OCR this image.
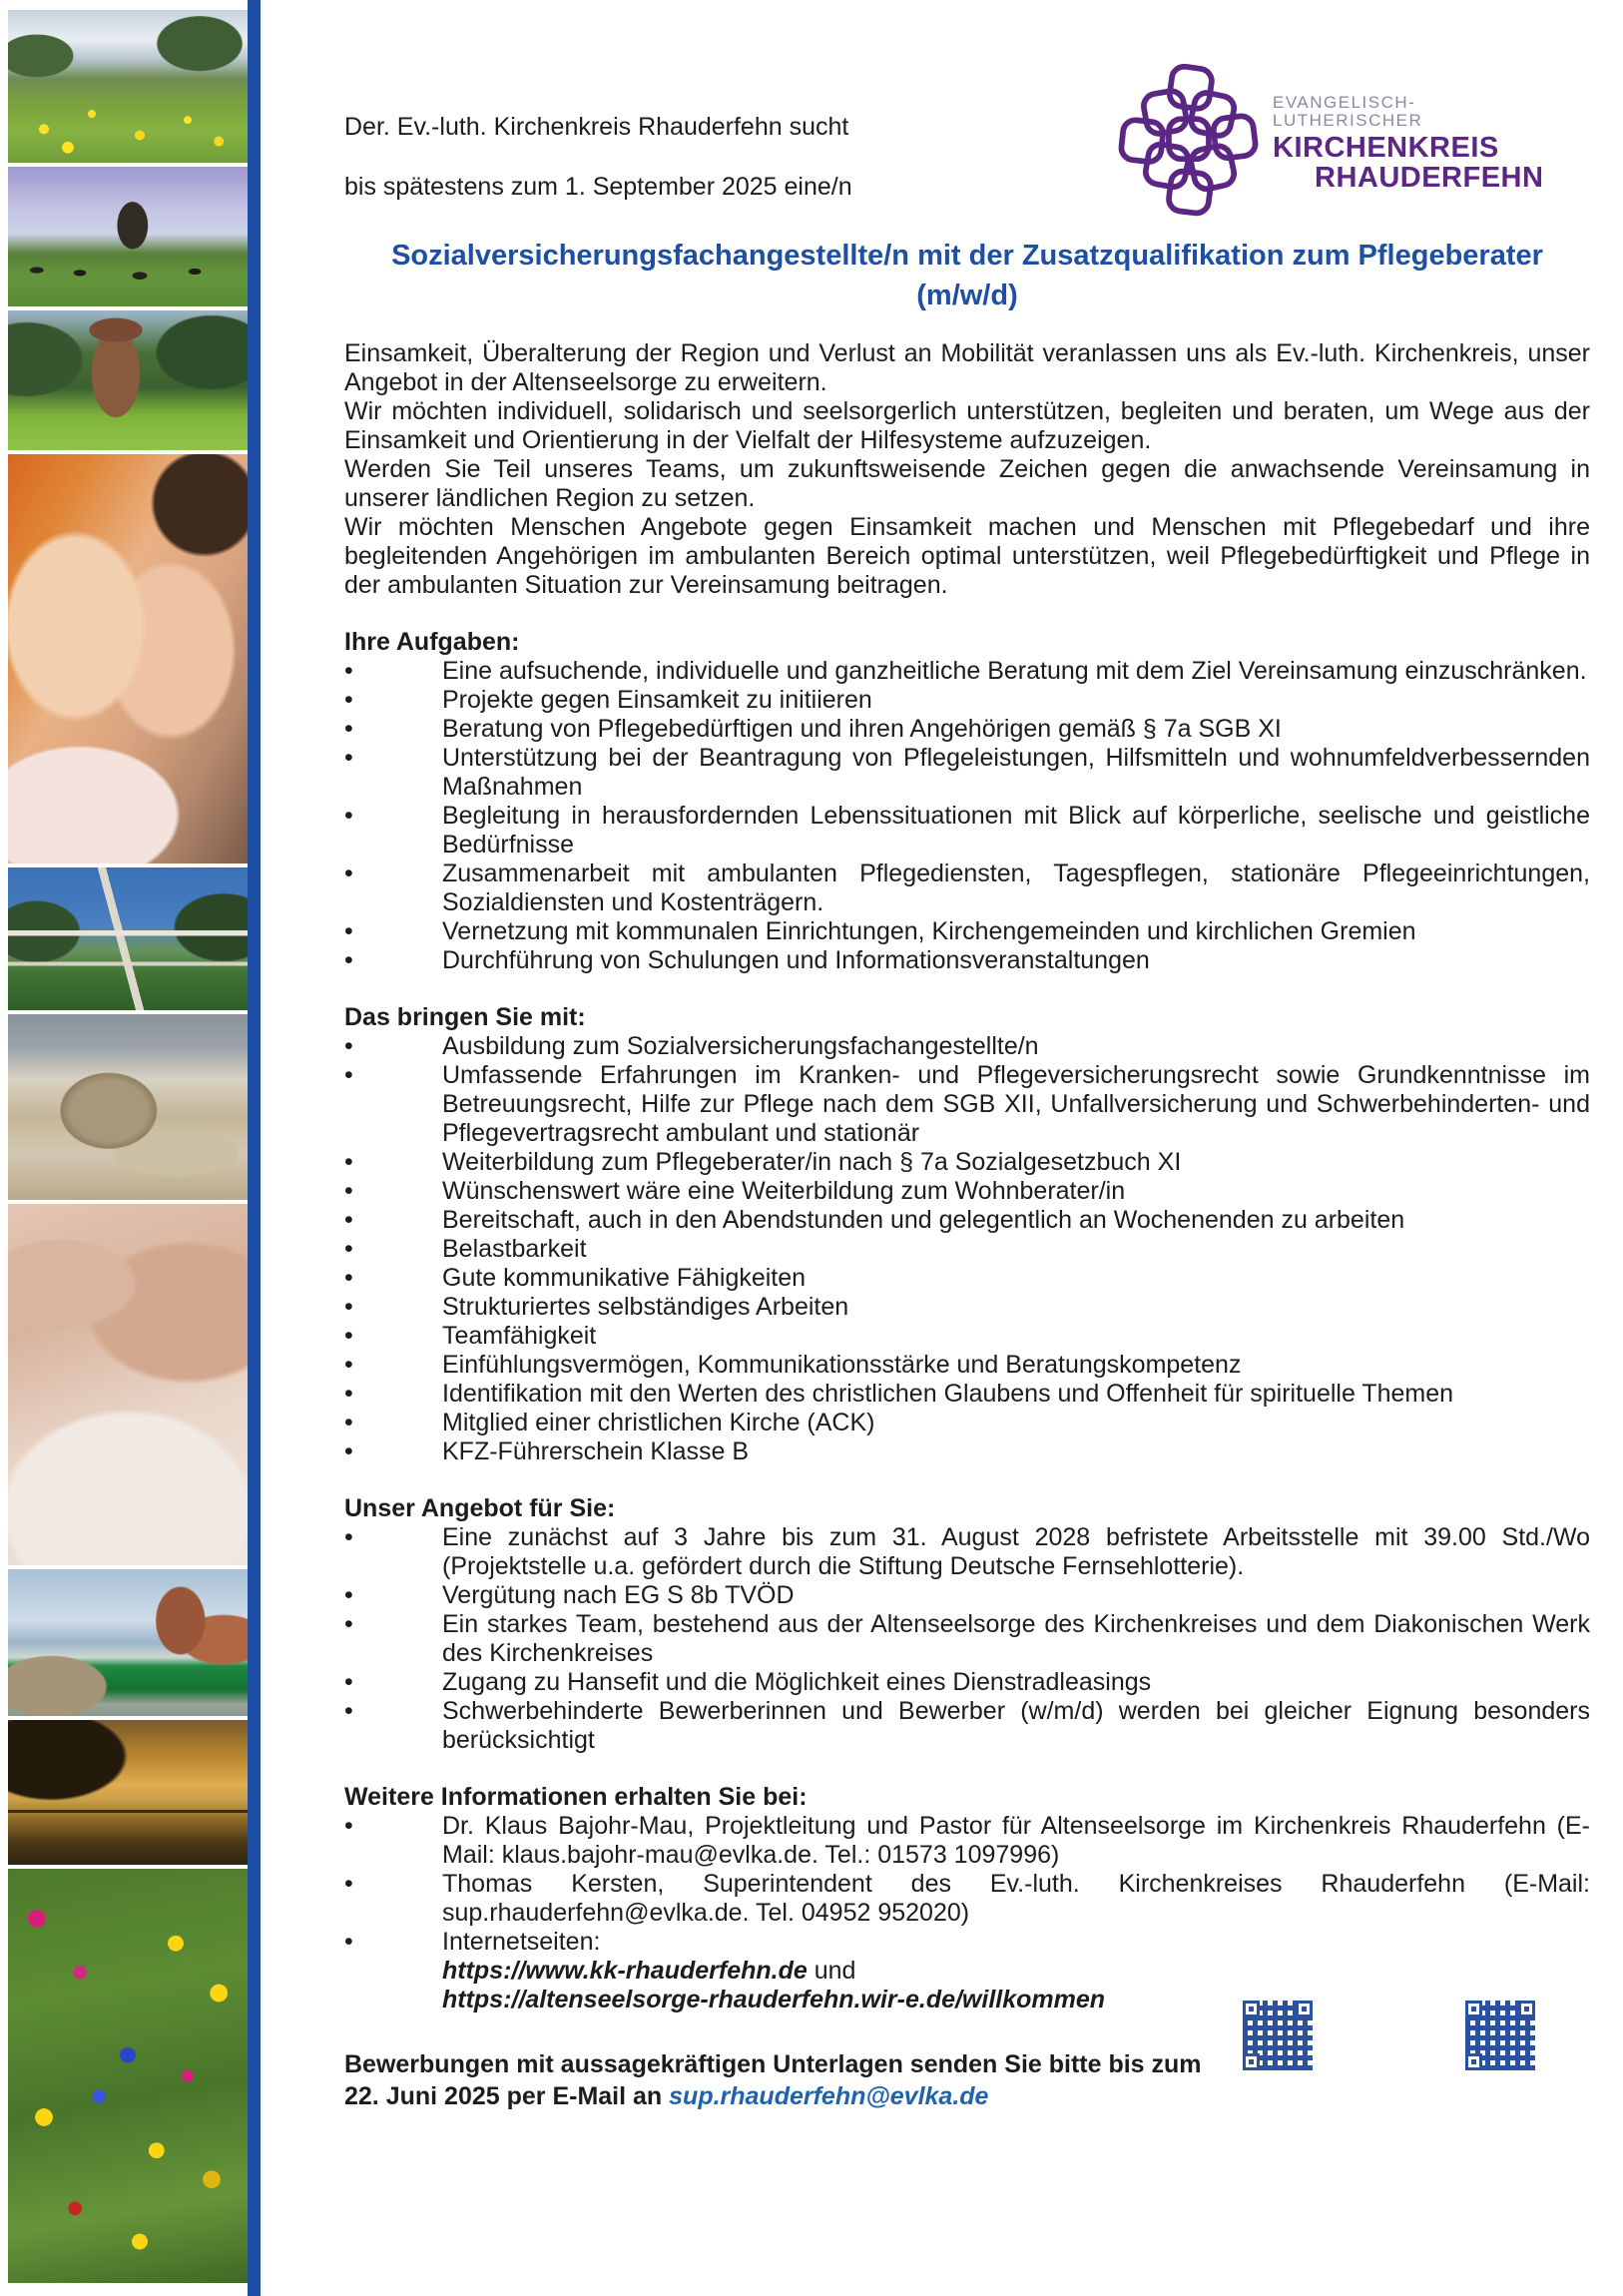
EVANGELISCH-LUTHERISCHER
KIRCHENKREIS
RHAUDERFEHN
Der. Ev.-luth. Kirchenkreis Rhauderfehn sucht
bis spätestens zum 1. September 2025 eine/n
Sozialversicherungsfachangestellte/n mit der Zusatzqualifikation zum Pflegeberater (m/w/d)

Einsamkeit, Überalterung der Region und Verlust an Mobilität veranlassen uns als Ev.-luth. Kirchenkreis, unser Angebot in der Altenseelsorge zu erweitern.

Wir möchten individuell, solidarisch und seelsorgerlich unterstützen, begleiten und beraten, um Wege aus der Einsamkeit und Orientierung in der Vielfalt der Hilfesysteme aufzuzeigen.

Werden Sie Teil unseres Teams, um zukunftsweisende Zeichen gegen die anwachsende Vereinsamung in unserer ländlichen Region zu setzen.

Wir möchten Menschen Angebote gegen Einsamkeit machen und Menschen mit Pflegebedarf und ihre begleitenden Angehörigen im ambulanten Bereich optimal unterstützen, weil Pflegebedürftigkeit und Pflege in der ambulanten Situation zur Vereinsamung beitragen.

Ihre Aufgaben:
•	Eine aufsuchende, individuelle und ganzheitliche Beratung mit dem Ziel Vereinsamung einzuschränken.
•	Projekte gegen Einsamkeit zu initiieren
•	Beratung von Pflegebedürftigen und ihren Angehörigen gemäß § 7a SGB XI
•	Unterstützung bei der Beantragung von Pflegeleistungen, Hilfsmitteln und wohnumfeldverbessernden Maßnahmen
•	Begleitung in herausfordernden Lebenssituationen mit Blick auf körperliche, seelische und geistliche Bedürfnisse
•	Zusammenarbeit mit ambulanten Pflegediensten, Tagespflegen, stationäre Pflegeeinrichtungen, Sozialdiensten und Kostenträgern.
•	Vernetzung mit kommunalen Einrichtungen, Kirchengemeinden und kirchlichen Gremien
•	Durchführung von Schulungen und Informationsveranstaltungen
Das bringen Sie mit:
•	Ausbildung zum Sozialversicherungsfachangestellte/n
•	Umfassende Erfahrungen im Kranken- und Pflegeversicherungsrecht sowie Grundkenntnisse im Betreuungsrecht, Hilfe zur Pflege nach dem SGB XII, Unfallversicherung und Schwerbehinderten- und Pflegevertragsrecht ambulant und stationär
•	Weiterbildung zum Pflegeberater/in nach § 7a Sozialgesetzbuch XI
•	Wünschenswert wäre eine Weiterbildung zum Wohnberater/in
•	Bereitschaft, auch in den Abendstunden und gelegentlich an Wochenenden zu arbeiten
•	Belastbarkeit
•	Gute kommunikative Fähigkeiten
•	Strukturiertes selbständiges Arbeiten
•	Teamfähigkeit
•	Einfühlungsvermögen, Kommunikationsstärke und Beratungskompetenz
•	Identifikation mit den Werten des christlichen Glaubens und Offenheit für spirituelle Themen
•	Mitglied einer christlichen Kirche (ACK)
•	KFZ-Führerschein Klasse B
Unser Angebot für Sie:
•	Eine zunächst auf 3 Jahre bis zum 31. August 2028 befristete Arbeitsstelle mit 39.00 Std./Wo (Projektstelle u.a. gefördert durch die Stiftung Deutsche Fernsehlotterie).
•	Vergütung nach EG S 8b TVÖD
•	Ein starkes Team, bestehend aus der Altenseelsorge des Kirchenkreises und dem Diakonischen Werk des Kirchenkreises
•	Zugang zu Hansefit und die Möglichkeit eines Dienstradleasings
•	Schwerbehinderte Bewerberinnen und Bewerber (w/m/d) werden bei gleicher Eignung besonders berücksichtigt
Weitere Informationen erhalten Sie bei:
•	Dr. Klaus Bajohr-Mau, Projektleitung und Pastor für Altenseelsorge im Kirchenkreis Rhauderfehn (E-Mail: klaus.bajohr-mau@evlka.de. Tel.: 01573 1097996)
•	Thomas Kersten, Superintendent des Ev.-luth. Kirchenkreises Rhauderfehn (E-Mail: sup.rhauderfehn@evlka.de. Tel. 04952 952020)
•	Internetseiten:
https://www.kk-rhauderfehn.de und
https://altenseelsorge-rhauderfehn.wir-e.de/willkommen
Bewerbungen mit aussagekräftigen Unterlagen senden Sie bitte bis zum
22. Juni 2025 per E-Mail an sup.rhauderfehn@evlka.de
